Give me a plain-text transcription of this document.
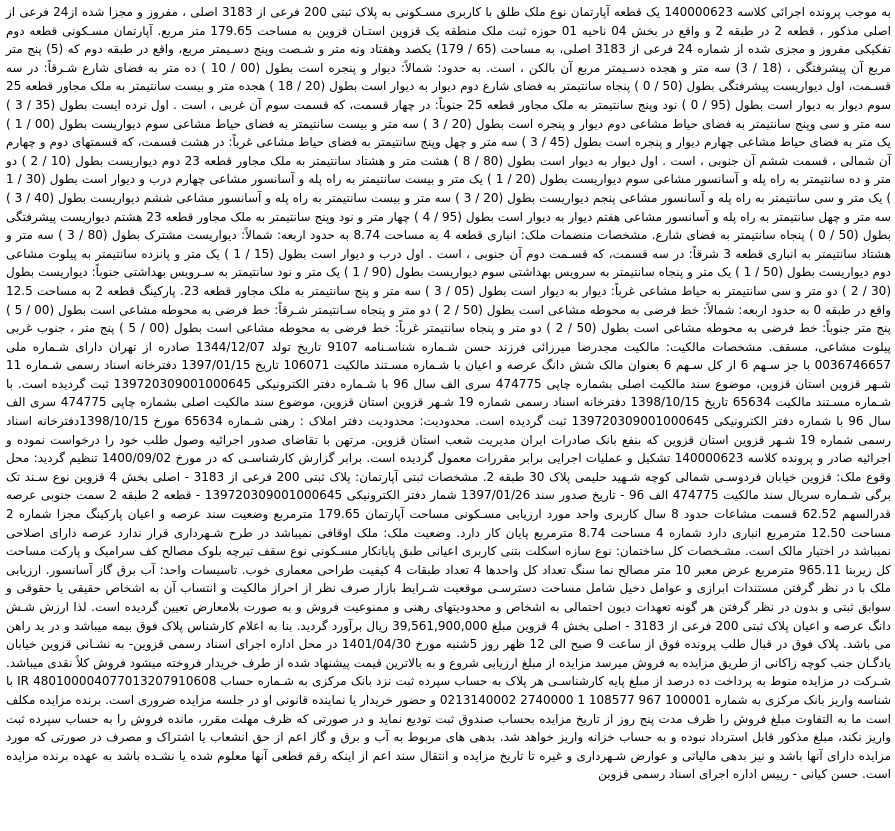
به موجب پرونده اجرائی کلاسه 140000623 یک قطعه آپارتمان نوع ملک طلق با کاربری مسـکونی به پلاک ثبتی 200 فرعی از 3183 اصلی ، مفروز و مجزا شده از24 فرعی از اصلی مذکور ، قطعه 2 در طبقه 2 و واقع در بخش 04 ناحیه 01 حوزه ثبت ملک منطقه یک قزوین استـان قزوین به مساحت 179.65 متر مربع. آپارتمان مسـکونی قطعه دوم تفکیکی مفروز و مجزی شده از شماره 24 فرعی از 3183 اصلی، به مساحت (65 / 179) یکصد وهفتاد ونه متر و شـصت وپنج دسـیمتر مربع، واقع در طبقه دوم که (5) پنج متر مربع آن پیشرفتگی ، (18 / 3) سه متر و هجده دسـیمتر مربع آن بالکن ، است. به حدود: شمالاً: دیوار و پنجره است بطول (00 / 10 ) ده متر به فضای شارع شـرقاً: در سه قسـمت، اول دیواریست پیشرفتگی بطول (50 / 0 ) پنجاه سانتیمتر به فضای شارع دوم دیوار به دیوار است بطول (20 / 18 ) هجده متر و بیست سانتیمتر به ملک مجاور قطعه 25 سوم دیوار به دیوار است بطول (95 / 0 ) نود وپنج سانتیمتر به ملک مجاور قطعه 25 جنوباً: در چهار قسمت، که قسمت سوم آن غربی ، است . اول نرده ایست بطول (35 / 3 ) سه متر و سی وپنج سانتیمتر به فضای حیاط مشاعی دوم دیوار و پنجره است بطول (20 / 3 ) سه متر و بیست سانتیمتر به فضای حیاط مشاعی سوم دیواریست بطول (00 / 1 ) یک متر به فضای حیاط مشاعی چهارم دیوار و پنجره است بطول (45 / 3 ) سه متر و چهل وپنج سانتیمتر به فضای حیاط مشاعی غرباً: در هشت قسمت، که قسمتهای دوم و چهارم آن شمالی ، قسمت ششم آن جنوبی ، است . اول دیوار به دیوار است بطول (80 / 8 ) هشت متر و هشتاد سانتیمتر به ملک مجاور قطعه 23 دوم دیواریست بطول (10 / 2 ) دو متر و ده سانتیمتر به راه پله و آسانسور مشاعی سوم دیواریست بطول (20 / 1 ) یک متر و بیست سانتیمتر به راه پله و آسانسور مشاعی چهارم درب و دیوار است بطول (30 / 1 ) یک متر و سی سانتیمتر به راه پله و آسانسور مشاعی پنجم دیواریست بطول (20 / 3 ) سه متر و بیست سانتیمتر به راه پله و آسانسور مشاعی ششم دیواریست بطول (40 / 3 ) سه متر و چهل سانتیمتر به راه پله و آسانسور مشاعی هفتم دیوار به دیوار است بطول (95 / 4 ) چهار متر و نود وپنج سانتیمتر به ملک مجاور قطعه 23 هشتم دیواریست پیشرفتگی بطول (50 / 0 ) پنجاه سانتیمتر به فضای شارع. مشخصات منضمات ملک: انباری قطعه 4 به مساحت 8.74 به حدود اربعه: شمالاً: دیواریست مشترک بطول (80 / 3 ) سه متر و هشتاد سانتیمتر به انباری قطعه 3 شرقاً: در سه قسمت، که قسـمت دوم آن جنوبی ، است . اول درب و دیوار است بطول (15 / 1 ) یک متر و پانزده سانتیمتر به پیلوت مشاعی دوم دیواریست بطول (50 / 1 ) یک متر و پنجاه سانتیمتر به سرویس بهداشتی سوم دیواریست بطول (90 / 1 ) یک متر و نود سانتیمتر به سـرویس بهداشتی جنوباً: دیواریست بطول (30 / 2 ) دو متر و سی سانتیمتر به حیاط مشاعی غرباً: دیوار به دیوار است بطول (05 / 3 ) سه متر و پنج سانتیمتر به ملک مجاور قطعه 23. پارکینگ قطعه 2 به مساحت 12.5 واقع در طبقه 0 به حدود اربعه: شمالاً: خط فرضی به محوطه مشاعی است بطول (50 / 2 ) دو متر و پنجاه سـانتیمتر شـرقاً: خط فرضی به محوطه مشاعی است بطول (00 / 5 ) پنج متر جنوباً: خط فرضی به محوطه مشاعی است بطول (50 / 2 ) دو متر و پنجاه سانتیمتر غرباً: خط فرضی به محوطه مشاعی است بطول (00 / 5 ) پنج متر ، جنوب غربی پیلوت مشاعی، مسقف. مشخصات مالکیت: مالکیت مجدرضا میرزائی فرزند حسن شـماره شناسـنامه 9107 تاریخ تولد 1344/12/07 صادره از تهران دارای شـماره ملی 0036746657 با جز سـهم 6 از کل سـهم 6 بعنوان مالک شش دانگ عرصه و اعیان با شـماره مسـتند مالکیت 106071 تاریخ 1397/01/15 دفترخانه اسناد رسمی شـماره 11 شـهر قزوین استان قزوین، موضوع سند مالکیت اصلی بشماره چاپی 474775 سری الف سال 96 با شـماره دفتر الکترونیکی 139720309001000645 ثبت گردیده است. با شـماره مسـتند مالکیت 65634 تاریخ 1398/10/15 دفترخانه اسناد رسمی شماره 19 شـهر قزوین استان قزوین، موضوع سند مالکیت اصلی بشماره چاپی 474775 سری الف سال 96 با شماره دفتر الکترونیکی 139720309001000645 ثبت گردیده است. محدودیت: محدودیت دفتر املاک : رهنی شـماره 65634 مورخ 1398/10/15دفترخانه اسناد رسمی شماره 19 شـهر قزوین استان قزوین که بنفع بانک صادرات ایران مدیریت شعب استان قزوین. مرتهن با تقاضای صدور اجرائیه وصول طلب خود را درخواست نموده و اجرائیه صادر و پرونده کلاسه 140000623 تشکیل و عملیات اجرایی برابر مقررات معمول گردیده است. برابر گزارش کارشناسـی که در مورخ 1400/09/02 تنظیم گردید: محل وقوع ملک: قزوین خیابان فردوسـی شمالی کوچه شـهید حلیمی پلاک 30 طبقه 2. مشخصات ثبتی آپارتمان: پلاک ثبتی 200 فرعی از 3183 - اصلی بخش 4 قزوین نوع سـند تک برگی شـماره سریال سند مالکیت 474775 الف 96 - تاریخ صدور سند 1397/01/26 شمار دفتر الکترونیکی 139720309001000645 - قطعه 2 طبقه 2 سمت جنوبی عرصه قدرالسهم 62.52 قسمت مشاعات حدود 8 سال کاربری واحد مورد ارزیابی مسـکونی مساحت آپارتمان 179.65 مترمربع وضعیت سند عرصه و اعیان پارکینگ مجزا شماره 2 مساحت 12.50 مترمربع انباری دارد شماره 4 مساحت 8.74 مترمربع پایان کار دارد. وضعیت ملک: ملک اوقافی نمیباشد در طرح شـهرداری قرار ندارد عرصه دارای اصلاحی نمیباشد در اختیار مالک است. مشـخصات کل ساختمان: نوع سازه اسکلت بتنی کاربری اعیانی طبق پایانکار مسـکونی نوع سقف تیرچه بلوک مصالح کف سرامیک و پارکت مساحت کل زیربنا 965.11 مترمربع عرض معبر 10 متر مصالح نما سنگ تعداد کل واحدها 4 تعداد طبقات 4 کیفیت طراحی معماری خوب. تاسیسات واحد: آب برق گاز آسانسور. ارزیابی ملک با در نظر گرفتن مستندات ابرازی و عوامل دخیل شامل مساحت دسترسـی موقعیت شـرایط بازار صرف نظر از احراز مالکیت و انتساب آن به اشخاص حقیقی یا حقوقی و سوابق ثبتی و بدون در نظر گرفتن هر گونه تعهدات دیون احتمالی به اشخاص و محدودیتهای رهنی و ممنوعیت فروش و به صورت بلامعارض تعیین گردیده است. لذا ارزش شـش دانگ عرصه و اعیان پلاک ثبتی 200 فرعی از 3183 - اصلی بخش 4 قزوین مبلغ 39,561,900,000 ریال برآورد گردید. بنا به اعلام کارشناس پلاک فوق بیمه میباشد و در ید راهن می باشد. پلاک فوق در قبال طلب پرونده فوق از ساعت 9 صبح الی 12 ظهر روز 5شنبه مورخ 1401/04/30 در محل اداره اجرای اسناد رسمی قزوین- به نشـانی قزوین خیابان یادگـان جنب کوچه زاکانی از طریق مزایده به فروش میرسد مزایده از مبلغ ارزیابی شروع و به بالاترین قیمت پیشنهاد شده از طرف خریدار فروخته میشود فروش کلاً نقدی میباشد. شـرکت در مزایده منوط به پرداخت ده درصد از مبلغ پایه کارشناسـی هر پلاک به حساب سپرده ثبت نزد بانک مرکزی به شـماره حساب IR 480100004077013207910608 با شناسه واریز بانک مرکزی به شماره 100001 967 108577 1 2740000 0213140002 و حضور خریدار یا نماینده قانونی او در جلسه مزایده ضروری است. برنده مزایده مکلف است ما به التفاوت مبلغ فروش را ظرف مدت پنج روز از تاریخ مزایده بحساب صندوق ثبت تودیع نماید و در صورتی که ظرف مهلت مقرر، مانده فروش را به حساب سپرده ثبت واریز نکند، مبلغ مذکور قابل استرداد نبوده و به حساب خزانه واریز خواهد شد. بدهی های مربوط به آب و برق و گاز اعم از حق انشعاب یا اشتراک و مصرف در صورتی که مورد مزایده دارای آنها باشد و نیز بدهی مالیاتی و عوارض شـهرداری و غیره تا تاریخ مزایده و انتقال سند اعم از اینکه رقم قطعی آنها معلوم شده یا نشـده باشد به عهده برنده مزایده است. حسن کیانی - رییس اداره اجرای اسناد رسمی قزوین
